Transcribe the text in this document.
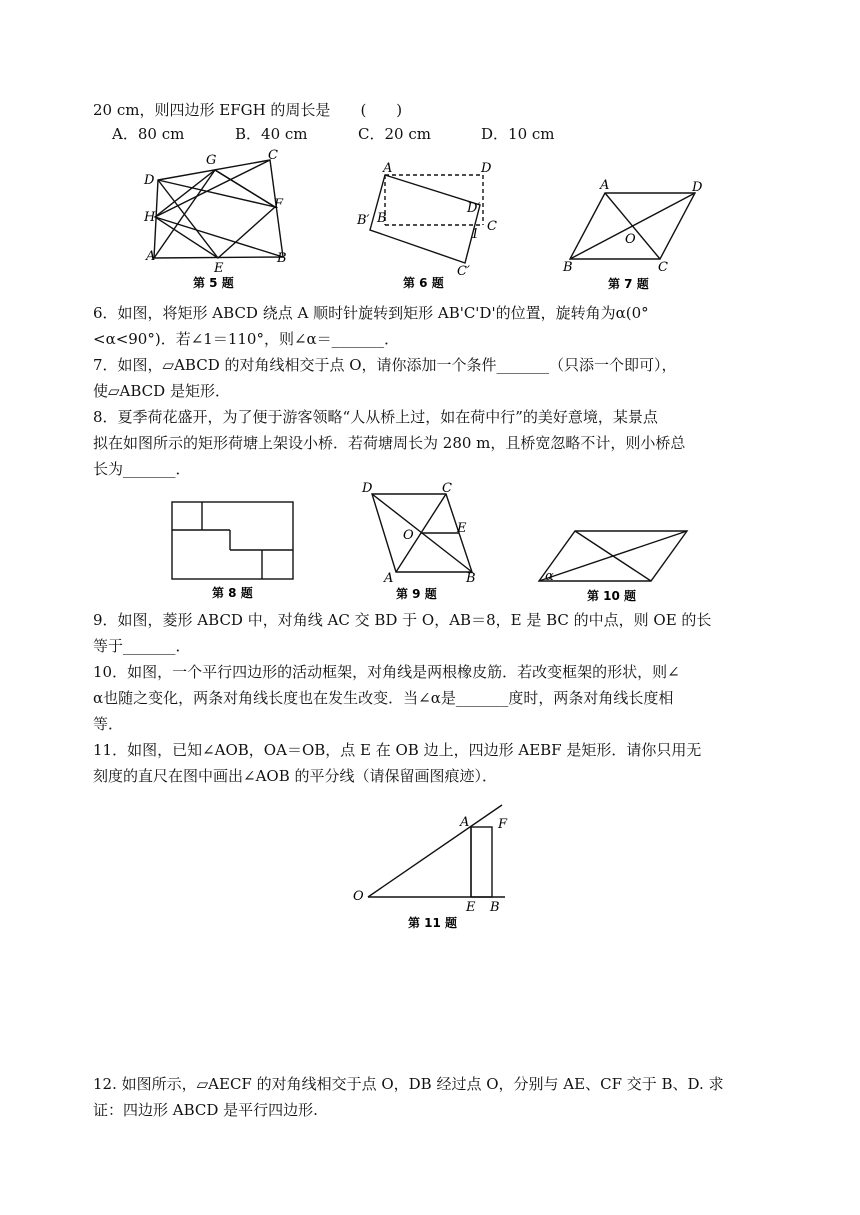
20 cm，则四边形 EFGH 的周长是　　(　　)
A．80 cm	B．40 cm	C．20 cm	D．10 cm
D
G	C
H
F
A
E
B
第 5 题
A	D
D′
C
B′ B
1
C′
第 6 题
A	D
O
B	C
第 7 题
6．如图，将矩形 ABCD 绕点 A 顺时针旋转到矩形 AB'C'D'的位置，旋转角为α(0°
<α<90°)．若∠1＝110°，则∠α＝_______．
7．如图，▱ABCD 的对角线相交于点 O，请你添加一个条件_______（只添一个即可），
使▱ABCD 是矩形．
8．夏季荷花盛开，为了便于游客领略“人从桥上过，如在荷中行”的美好意境，某景点
拟在如图所示的矩形荷塘上架设小桥．若荷塘周长为 280 m，且桥宽忽略不计，则小桥总
长为_______．
第 8 题
D	C
O	E
A	B
第 9 题
α
第 10 题
9．如图，菱形 ABCD 中，对角线 AC 交 BD 于 O，AB＝8，E 是 BC 的中点，则 OE 的长
等于_______．
10．如图，一个平行四边形的活动框架，对角线是两根橡皮筋．若改变框架的形状，则∠
α也随之变化，两条对角线长度也在发生改变．当∠α是_______度时，两条对角线长度相
等．
11．如图，已知∠AOB，OA＝OB，点 E 在 OB 边上，四边形 AEBF 是矩形．请你只用无
刻度的直尺在图中画出∠AOB 的平分线（请保留画图痕迹）．
O
A F
E B
第 11 题
12. 如图所示，▱AECF 的对角线相交于点 O，DB 经过点 O，分别与 AE、CF 交于 B、D. 求
证：四边形 ABCD 是平行四边形.
